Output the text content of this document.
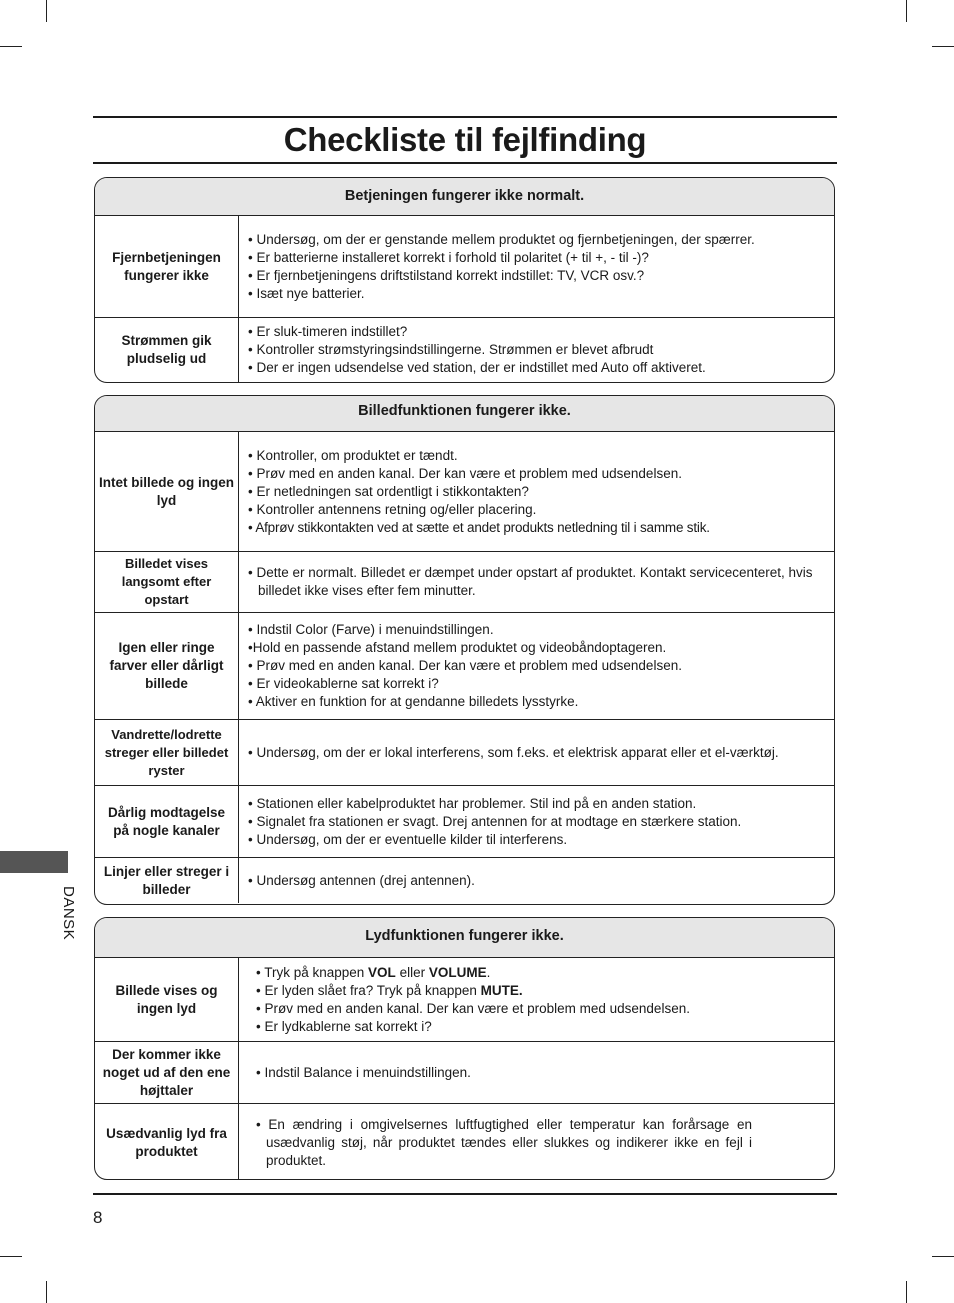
Checkliste til fejlfinding
Betjeningen fungerer ikke normalt.
Fjernbetjeningen fungerer ikke
• Undersøg, om der er genstande mellem produktet og fjernbetjeningen, der spærrer.
• Er batterierne installeret korrekt i forhold til polaritet (+ til +, - til -)?
• Er fjernbetjeningens driftstilstand korrekt indstillet: TV, VCR osv.?
• Isæt nye batterier.
Strømmen gik pludselig ud
• Er sluk-timeren indstillet?
• Kontroller strømstyringsindstillingerne. Strømmen er blevet afbrudt
• Der er ingen udsendelse ved station, der er indstillet med Auto off aktiveret.
Billedfunktionen fungerer ikke.
Intet billede og ingen lyd
• Kontroller, om produktet er tændt.
• Prøv med en anden kanal. Der kan være et problem med udsendelsen.
• Er netledningen sat ordentligt i stikkontakten?
• Kontroller antennens retning og/eller placering.
• Afprøv stikkontakten ved at sætte et andet produkts netledning til i samme stik.
Billedet vises langsomt efter opstart
• Dette er normalt. Billedet er dæmpet under opstart af produktet. Kontakt servicecenteret, hvis billedet ikke vises efter fem minutter.
Igen eller ringe farver eller dårligt billede
• Indstil Color (Farve) i menuindstillingen.
•Hold en passende afstand mellem produktet og videobåndoptageren.
• Prøv med en anden kanal. Der kan være et problem med udsendelsen.
• Er videokablerne sat korrekt i?
• Aktiver en funktion for at gendanne billedets lysstyrke.
Vandrette/lodrette streger eller billedet ryster
• Undersøg, om der er lokal interferens, som f.eks. et elektrisk apparat eller et el-værktøj.
Dårlig modtagelse på nogle kanaler
• Stationen eller kabelproduktet har problemer. Stil ind på en anden station.
• Signalet fra stationen er svagt. Drej antennen for at modtage en stærkere station.
• Undersøg, om der er eventuelle kilder til interferens.
Linjer eller streger i billeder
• Undersøg antennen (drej antennen).
Lydfunktionen fungerer ikke.
Billede vises og ingen lyd
• Tryk på knappen VOL eller VOLUME.
• Er lyden slået fra? Tryk på knappen MUTE.
• Prøv med en anden kanal. Der kan være et problem med udsendelsen.
• Er lydkablerne sat korrekt i?
Der kommer ikke noget ud af den ene højttaler
• Indstil Balance i menuindstillingen.
Usædvanlig lyd fra produktet
• En ændring i omgivelsernes luftfugtighed eller temperatur kan forårsage en usædvanlig støj, når produktet tændes eller slukkes og indikerer ikke en fejl i produktet.
DANSK
8
